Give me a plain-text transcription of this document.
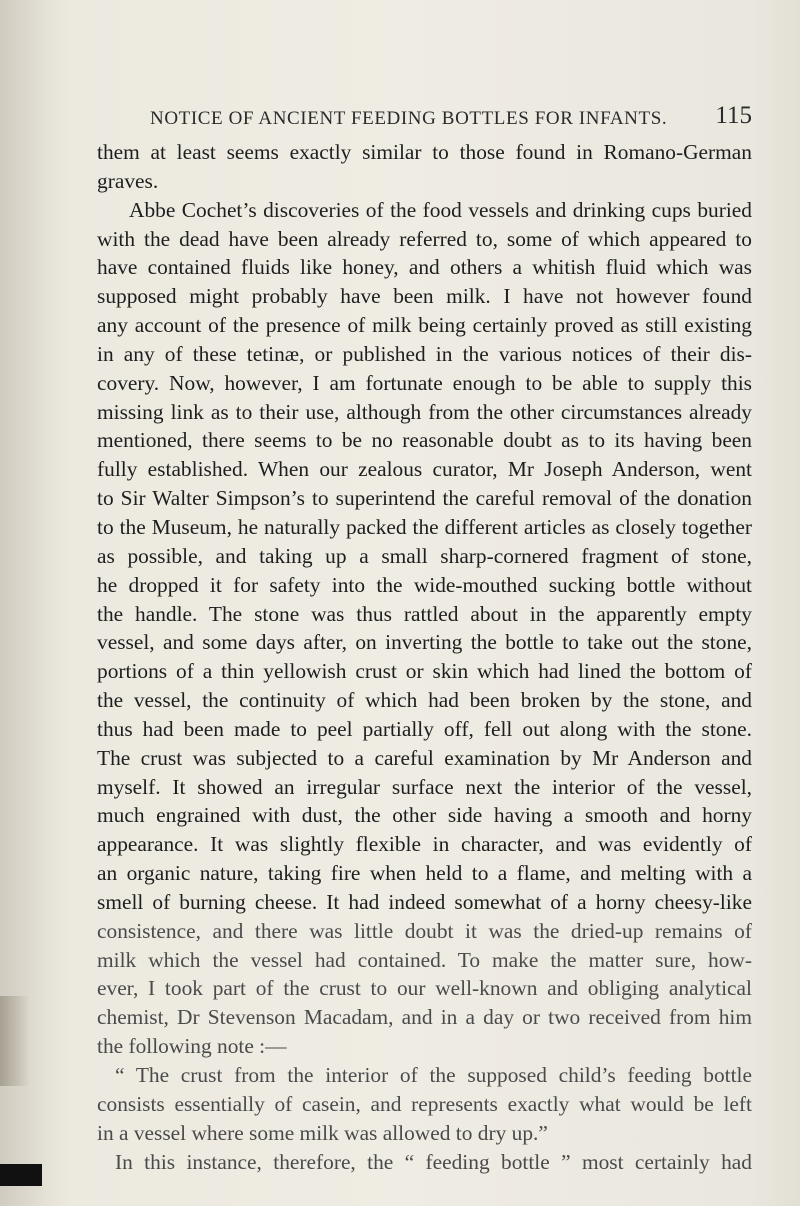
NOTICE OF ANCIENT FEEDING BOTTLES FOR INFANTS. 115
them at least seems exactly similar to those found in Romano-German
graves.
Abbe Cochet’s discoveries of the food vessels and drinking cups buried
with the dead have been already referred to, some of which appeared to
have contained fluids like honey, and others a whitish fluid which was
supposed might probably have been milk. I have not however found
any account of the presence of milk being certainly proved as still existing
in any of these tetinæ, or published in the various notices of their dis-
covery. Now, however, I am fortunate enough to be able to supply this
missing link as to their use, although from the other circumstances already
mentioned, there seems to be no reasonable doubt as to its having been
fully established. When our zealous curator, Mr Joseph Anderson, went
to Sir Walter Simpson’s to superintend the careful removal of the donation
to the Museum, he naturally packed the different articles as closely together
as possible, and taking up a small sharp-cornered fragment of stone,
he dropped it for safety into the wide-mouthed sucking bottle without
the handle. The stone was thus rattled about in the apparently empty
vessel, and some days after, on inverting the bottle to take out the stone,
portions of a thin yellowish crust or skin which had lined the bottom of
the vessel, the continuity of which had been broken by the stone, and
thus had been made to peel partially off, fell out along with the stone.
The crust was subjected to a careful examination by Mr Anderson and
myself. It showed an irregular surface next the interior of the vessel,
much engrained with dust, the other side having a smooth and horny
appearance. It was slightly flexible in character, and was evidently of
an organic nature, taking fire when held to a flame, and melting with a
smell of burning cheese. It had indeed somewhat of a horny cheesy-like
consistence, and there was little doubt it was the dried-up remains of
milk which the vessel had contained. To make the matter sure, how-
ever, I took part of the crust to our well-known and obliging analytical
chemist, Dr Stevenson Macadam, and in a day or two received from him
the following note :—
“ The crust from the interior of the supposed child’s feeding bottle
consists essentially of casein, and represents exactly what would be left
in a vessel where some milk was allowed to dry up.”
In this instance, therefore, the “ feeding bottle ” most certainly had
